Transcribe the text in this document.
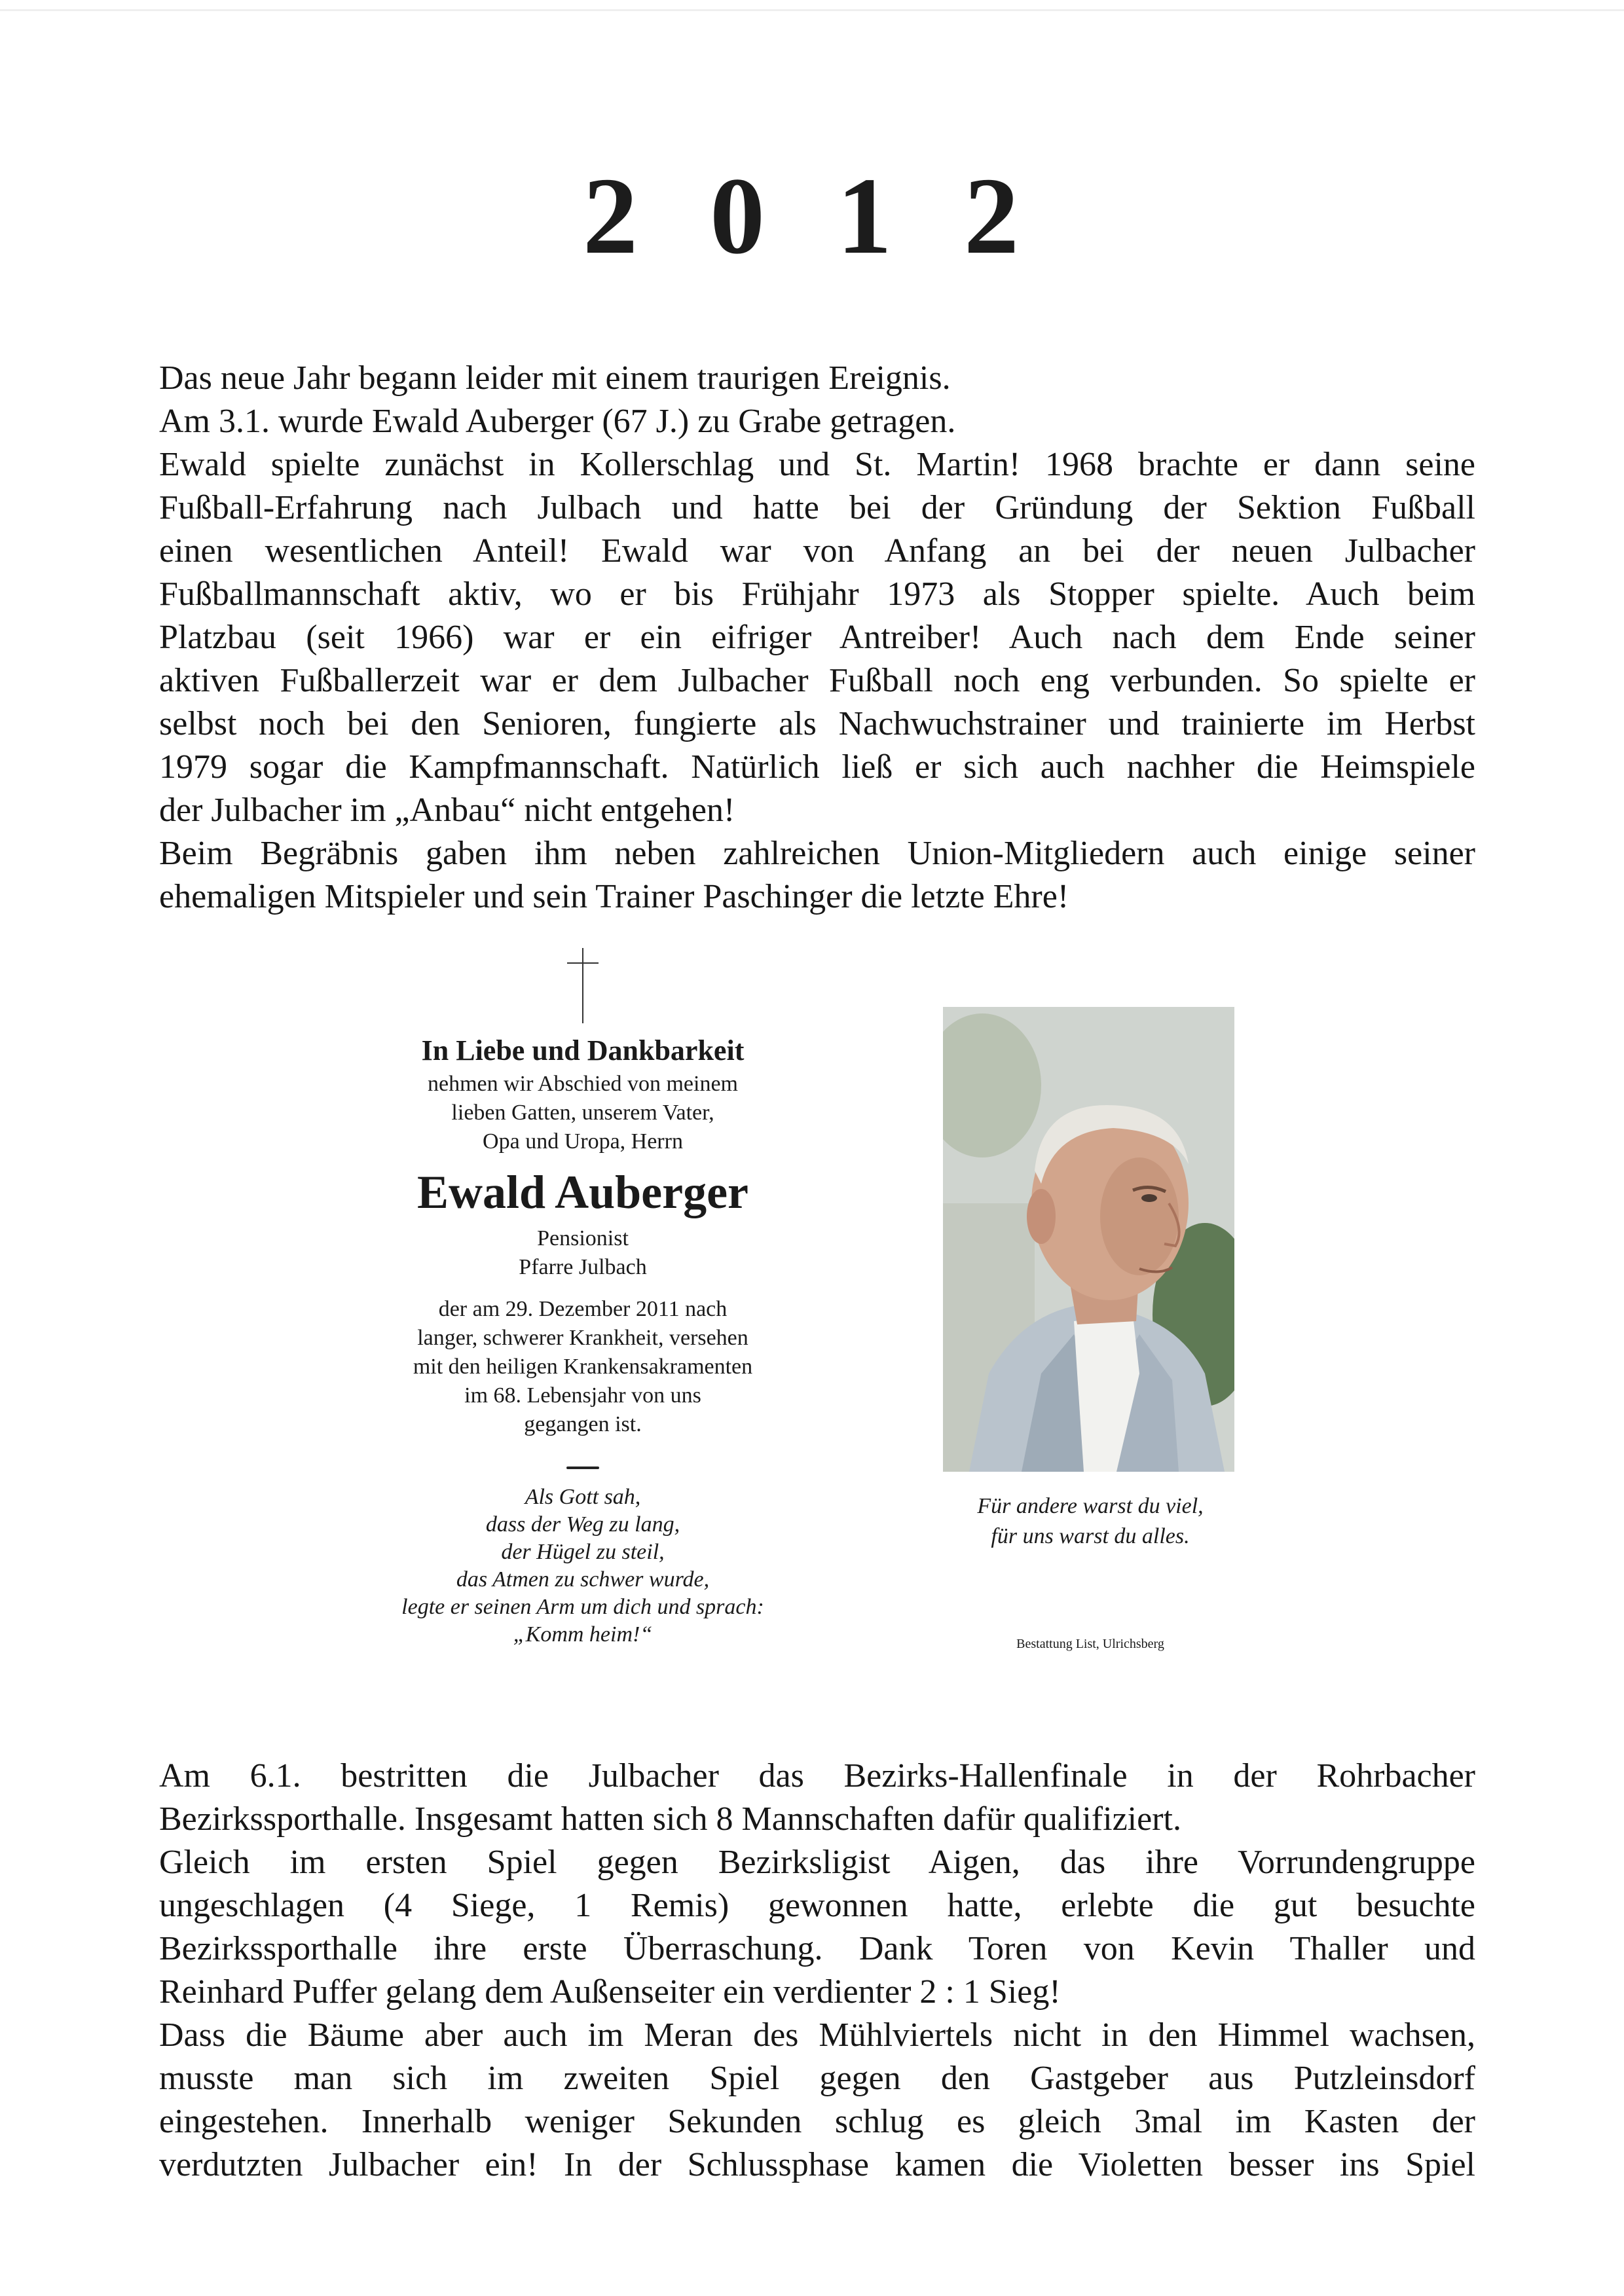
2 0 1 2
Das neue Jahr begann leider mit einem traurigen Ereignis.
Am 3.1. wurde Ewald Auberger (67 J.) zu Grabe getragen.
Ewald spielte zunächst in Kollerschlag und St. Martin! 1968 brachte er dann seine
Fußball-Erfahrung nach Julbach und hatte bei der Gründung der Sektion Fußball
einen wesentlichen Anteil! Ewald war von Anfang an bei der neuen Julbacher
Fußballmannschaft aktiv, wo er bis Frühjahr 1973 als Stopper spielte. Auch beim
Platzbau (seit 1966) war er ein eifriger Antreiber! Auch nach dem Ende seiner
aktiven Fußballerzeit war er dem Julbacher Fußball noch eng verbunden. So spielte er
selbst noch bei den Senioren, fungierte als Nachwuchstrainer und trainierte im Herbst
1979 sogar die Kampfmannschaft. Natürlich ließ er sich auch nachher die Heimspiele
der Julbacher im „Anbau“ nicht entgehen!
Beim Begräbnis gaben ihm neben zahlreichen Union-Mitgliedern auch einige seiner
ehemaligen Mitspieler und sein Trainer Paschinger die letzte Ehre!
In Liebe und Dankbarkeit
nehmen wir Abschied von meinem
lieben Gatten, unserem Vater,
Opa und Uropa, Herrn
Ewald Auberger
Pensionist
Pfarre Julbach
der am 29. Dezember 2011 nach
langer, schwerer Krankheit, versehen
mit den heiligen Krankensakramenten
im 68. Lebensjahr von uns
gegangen ist.
Als Gott sah,
dass der Weg zu lang,
der Hügel zu steil,
das Atmen zu schwer wurde,
legte er seinen Arm um dich und sprach:
„Komm heim!“
Für andere warst du viel,
für uns warst du alles.
Bestattung List, Ulrichsberg
Am 6.1. bestritten die Julbacher das Bezirks-Hallenfinale in der Rohrbacher
Bezirkssporthalle. Insgesamt hatten sich 8 Mannschaften dafür qualifiziert.
Gleich im ersten Spiel gegen Bezirksligist Aigen, das ihre Vorrundengruppe
ungeschlagen (4 Siege, 1 Remis) gewonnen hatte, erlebte die gut besuchte
Bezirkssporthalle ihre erste Überraschung. Dank Toren von Kevin Thaller und
Reinhard Puffer gelang dem Außenseiter ein verdienter 2 : 1 Sieg!
Dass die Bäume aber auch im Meran des Mühlviertels nicht in den Himmel wachsen,
musste man sich im zweiten Spiel gegen den Gastgeber aus Putzleinsdorf
eingestehen. Innerhalb weniger Sekunden schlug es gleich 3mal im Kasten der
verdutzten Julbacher ein! In der Schlussphase kamen die Violetten besser ins Spiel
